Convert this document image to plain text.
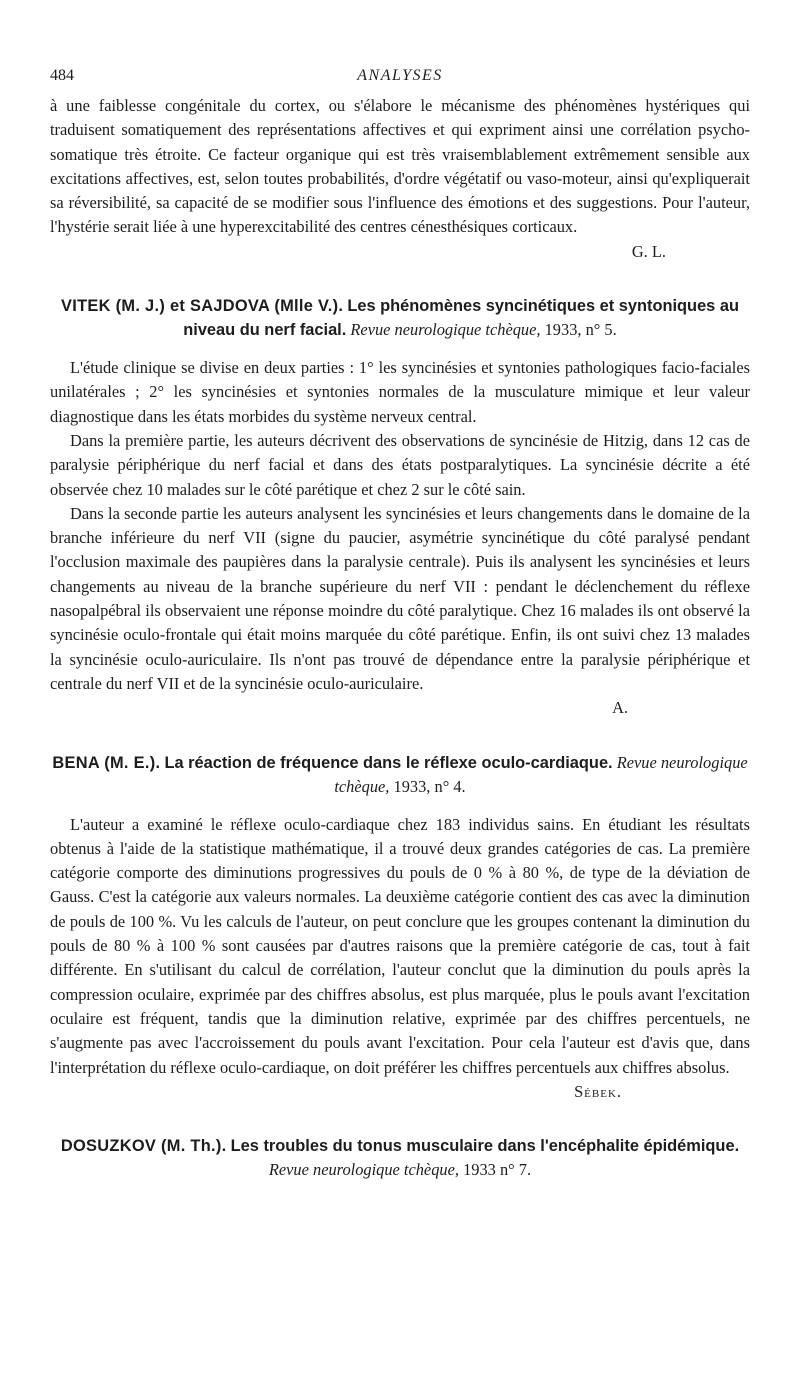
484	ANALYSES

à une faiblesse congénitale du cortex, ou s'élabore le mécanisme des phénomènes hystériques qui traduisent somatiquement des représentations affectives et qui expriment ainsi une corrélation psycho-somatique très étroite. Ce facteur organique qui est très vraisemblablement extrêmement sensible aux excitations affectives, est, selon toutes probabilités, d'ordre végétatif ou vaso-moteur, ainsi qu'expliquerait sa réversibilité, sa capacité de se modifier sous l'influence des émotions et des suggestions. Pour l'auteur, l'hystérie serait liée à une hyperexcitabilité des centres cénesthésiques corticaux.

G. L.

VITEK (M. J.) et SAJDOVA (Mlle V.). Les phénomènes syncinétiques et syntoniques au niveau du nerf facial. Revue neurologique tchèque, 1933, n° 5.

L'étude clinique se divise en deux parties : 1° les syncinésies et syntonies pathologiques facio-faciales unilatérales ; 2° les syncinésies et syntonies normales de la musculature mimique et leur valeur diagnostique dans les états morbides du système nerveux central.

Dans la première partie, les auteurs décrivent des observations de syncinésie de Hitzig, dans 12 cas de paralysie périphérique du nerf facial et dans des états postparalytiques. La syncinésie décrite a été observée chez 10 malades sur le côté parétique et chez 2 sur le côté sain.

Dans la seconde partie les auteurs analysent les syncinésies et leurs changements dans le domaine de la branche inférieure du nerf VII (signe du paucier, asymétrie syncinétique du côté paralysé pendant l'occlusion maximale des paupières dans la paralysie centrale). Puis ils analysent les syncinésies et leurs changements au niveau de la branche supérieure du nerf VII : pendant le déclenchement du réflexe nasopalpébral ils observaient une réponse moindre du côté paralytique. Chez 16 malades ils ont observé la syncinésie oculo-frontale qui était moins marquée du côté parétique. Enfin, ils ont suivi chez 13 malades la syncinésie oculo-auriculaire. Ils n'ont pas trouvé de dépendance entre la paralysie périphérique et centrale du nerf VII et de la syncinésie oculo-auriculaire.

A.

BENA (M. E.). La réaction de fréquence dans le réflexe oculo-cardiaque. Revue neurologique tchèque, 1933, n° 4.

L'auteur a examiné le réflexe oculo-cardiaque chez 183 individus sains. En étudiant les résultats obtenus à l'aide de la statistique mathématique, il a trouvé deux grandes catégories de cas. La première catégorie comporte des diminutions progressives du pouls de 0 % à 80 %, de type de la déviation de Gauss. C'est la catégorie aux valeurs normales. La deuxième catégorie contient des cas avec la diminution de pouls de 100 %. Vu les calculs de l'auteur, on peut conclure que les groupes contenant la diminution du pouls de 80 % à 100 % sont causées par d'autres raisons que la première catégorie de cas, tout à fait différente. En s'utilisant du calcul de corrélation, l'auteur conclut que la diminution du pouls après la compression oculaire, exprimée par des chiffres absolus, est plus marquée, plus le pouls avant l'excitation oculaire est fréquent, tandis que la diminution relative, exprimée par des chiffres percentuels, ne s'augmente pas avec l'accroissement du pouls avant l'excitation. Pour cela l'auteur est d'avis que, dans l'interprétation du réflexe oculo-cardiaque, on doit préférer les chiffres percentuels aux chiffres absolus.

Sébek.

DOSUZKOV (M. Th.). Les troubles du tonus musculaire dans l'encéphalite épidémique. Revue neurologique tchèque, 1933 n° 7.
